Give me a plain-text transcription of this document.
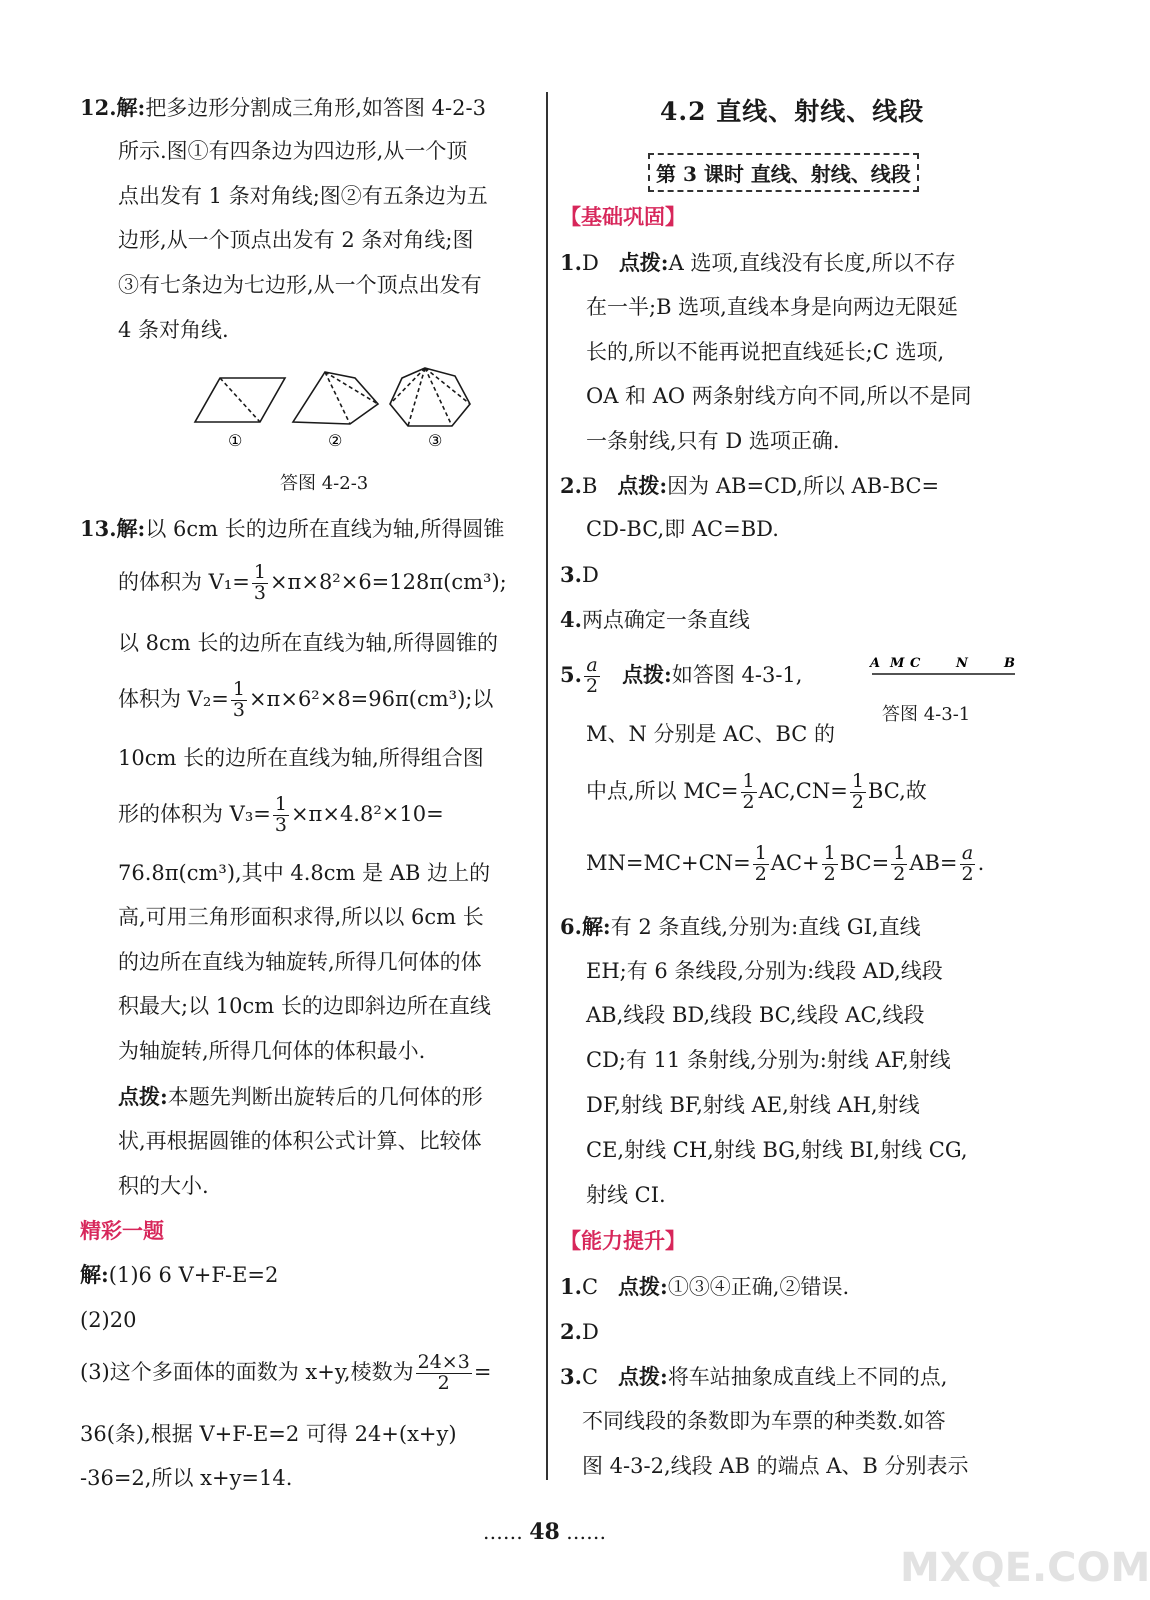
12.解:把多边形分割成三角形,如答图 4-2-3
所示.图①有四条边为四边形,从一个顶
点出发有 1 条对角线;图②有五条边为五
边形,从一个顶点出发有 2 条对角线;图
③有七条边为七边形,从一个顶点出发有
4 条对角线.
①	②	③
答图 4-2-3
13.解:以 6cm 长的边所在直线为轴,所得圆锥
的体积为 $V_1= \frac{1}{3} \times\pi\times 8^2\times 6=128\pi(cm^3)$;
以 8cm 长的边所在直线为轴,所得圆锥的
体积为 $V_2= \frac{1}{3} \times\pi\times 6^2\times 8=96\pi(cm^3)$;以
10cm 长的边所在直线为轴,所得组合图
形的体积为 $V_3= \frac{1}{3} \times\pi\times 4.8^2\times 10=$
76.8π(cm³),其中 4.8cm 是 AB 边上的
高,可用三角形面积求得,所以以 6cm 长
的边所在直线为轴旋转,所得几何体的体
积最大;以 10cm 长的边即斜边所在直线
为轴旋转,所得几何体的体积最小.
点拨:本题先判断出旋转后的几何体的形
状,再根据圆锥的体积公式计算、比较体
积的大小.
精彩一题
解:(1)6 6 V+F-E=2
(2)20
(3)这个多面体的面数为 x+y,棱数为 $\frac{24\times 3}{2}$ =
36(条),根据 V+F-E=2 可得 24+(x+y)
-36=2,所以 x+y=14.
4.2 直线、射线、线段
第 3 课时 直线、射线、线段
【基础巩固】
1.D 点拨:A 选项,直线没有长度,所以不存
在一半;B 选项,直线本身是向两边无限延
长的,所以不能再说把直线延长;C 选项,
OA 和 AO 两条射线方向不同,所以不是同
一条射线,只有 D 选项正确.
2.B 点拨:因为 AB=CD,所以 AB-BC=
CD-BC,即 AC=BD.
3.D
4.两点确定一条直线
5. $\frac{a}{2}$ 点拨:如答图 4-3-1,	A M C	N	B
答图 4-3-1
M、N 分别是 AC、BC 的
中点,所以 $MC= \frac{1}{2} AC,CN= \frac{1}{2}$ BC,故
$MN=MC+CN= \frac{1}{2} AC+ \frac{1}{2} BC= \frac{1}{2} AB= \frac{a}{2}$ .
6.解:有 2 条直线,分别为:直线 GI,直线
EH;有 6 条线段,分别为:线段 AD,线段
AB,线段 BD,线段 BC,线段 AC,线段
CD;有 11 条射线,分别为:射线 AF,射线
DF,射线 BF,射线 AE,射线 AH,射线
CE,射线 CH,射线 BG,射线 BI,射线 CG,
射线 CI.
【能力提升】
1.C 点拨:①③④正确,②错误.
2.D
3.C 点拨:将车站抽象成直线上不同的点,
不同线段的条数即为车票的种类数.如答
图 4-3-2,线段 AB 的端点 A、B 分别表示
…… 48 ……
MXQE.COM
